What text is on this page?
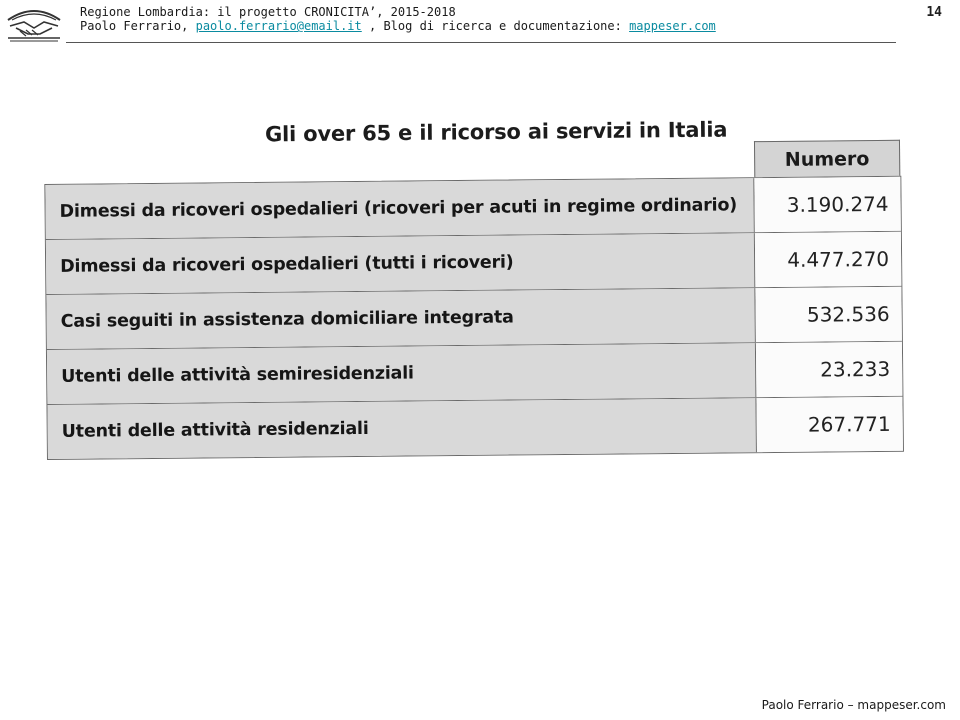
Regione Lombardia: il progetto CRONICITA’, 2015-2018
Paolo Ferrario, paolo.ferrario@email.it , Blog di ricerca e documentazione: mappeser.com
14
Gli over 65 e il ricorso ai servizi in Italia
Numero
Dimessi da ricoveri ospedalieri (ricoveri per acuti in regime ordinario)	3.190.274
Dimessi da ricoveri ospedalieri (tutti i ricoveri)	4.477.270
Casi seguiti in assistenza domiciliare integrata	532.536
Utenti delle attività semiresidenziali	23.233
Utenti delle attività residenziali	267.771
Paolo Ferrario – mappeser.com
